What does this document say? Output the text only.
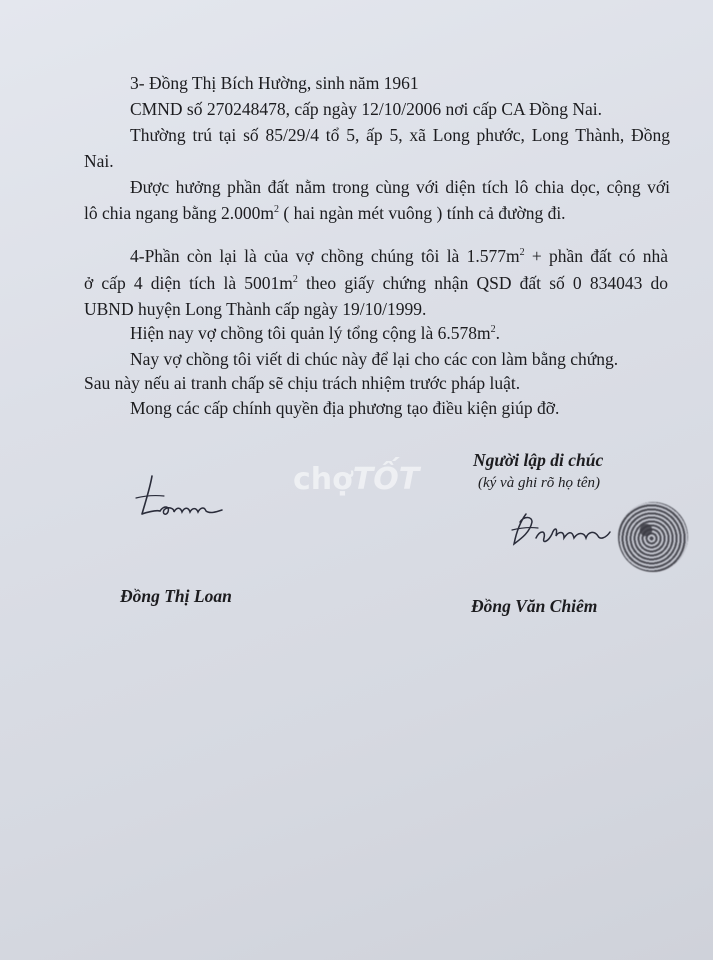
3- Đồng Thị Bích Hường, sinh năm 1961
CMND số 270248478, cấp ngày 12/10/2006 nơi cấp CA Đồng Nai.
Thường trú tại số 85/29/4 tổ 5, ấp 5, xã Long phước, Long Thành, Đồng
Nai.
Được hưởng phần đất nằm trong cùng với diện tích lô chia dọc, cộng với
lô chia ngang bằng $2.000m^2$ ( hai ngàn mét vuông ) tính cả đường đi.
4-Phần còn lại là của vợ chồng chúng tôi là $1.577m^2$ + phần đất có nhà
ở cấp 4 diện tích là $5001m^2$ theo giấy chứng nhận QSD đất số 0 834043 do
UBND huyện Long Thành cấp ngày 19/10/1999.
Hiện nay vợ chồng tôi quản lý tổng cộng là $6.578m^2$.
Nay vợ chồng tôi viết di chúc này để lại cho các con làm bằng chứng.
Sau này nếu ai tranh chấp sẽ chịu trách nhiệm trước pháp luật.
Mong các cấp chính quyền địa phương tạo điều kiện giúp đỡ.
Người lập di chúc
(ký và ghi rõ họ tên)
chợTỐT
Đồng Thị Loan	Đồng Văn Chiêm
